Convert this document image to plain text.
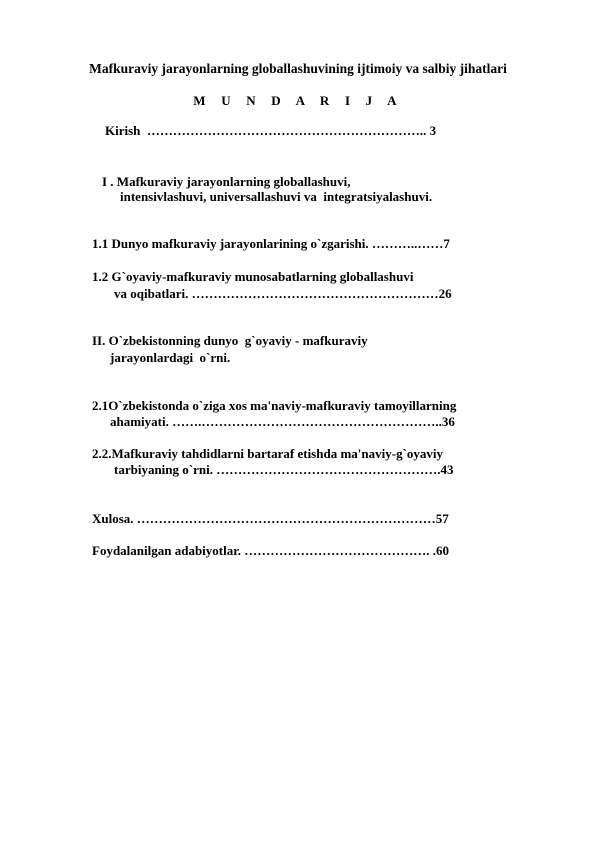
Mafkuraviy jarayonlarning globallashuvining ijtimoiy va salbiy jihatlari
M U N D A R I J A
Kirish  ……………………………………………………….. 3
I . Mafkuraviy jarayonlarning globallashuvi,
intensivlashuvi, universallashuvi va  integratsiyalashuvi.
1.1 Dunyo mafkuraviy jarayonlarining o`zgarishi. ………..……7
1.2 G`oyaviy-mafkuraviy munosabatlarning globallashuvi
va oqibatlari. …………………………………………………26
II. O`zbekistonning dunyo  g`oyaviy - mafkuraviy
jarayonlardagi  o`rni.
2.1O`zbekistonda o`ziga xos ma'naviy-mafkuraviy tamoyillarning
ahamiyati. …….………………………………………………..36
2.2.Mafkuraviy tahdidlarni bartaraf etishda ma'naviy-g`oyaviy
tarbiyaning o`rni. …………………………………………….43
Xulosa. ……………………………………………………………57
Foydalanilgan adabiyotlar. ……………………………………. .60
